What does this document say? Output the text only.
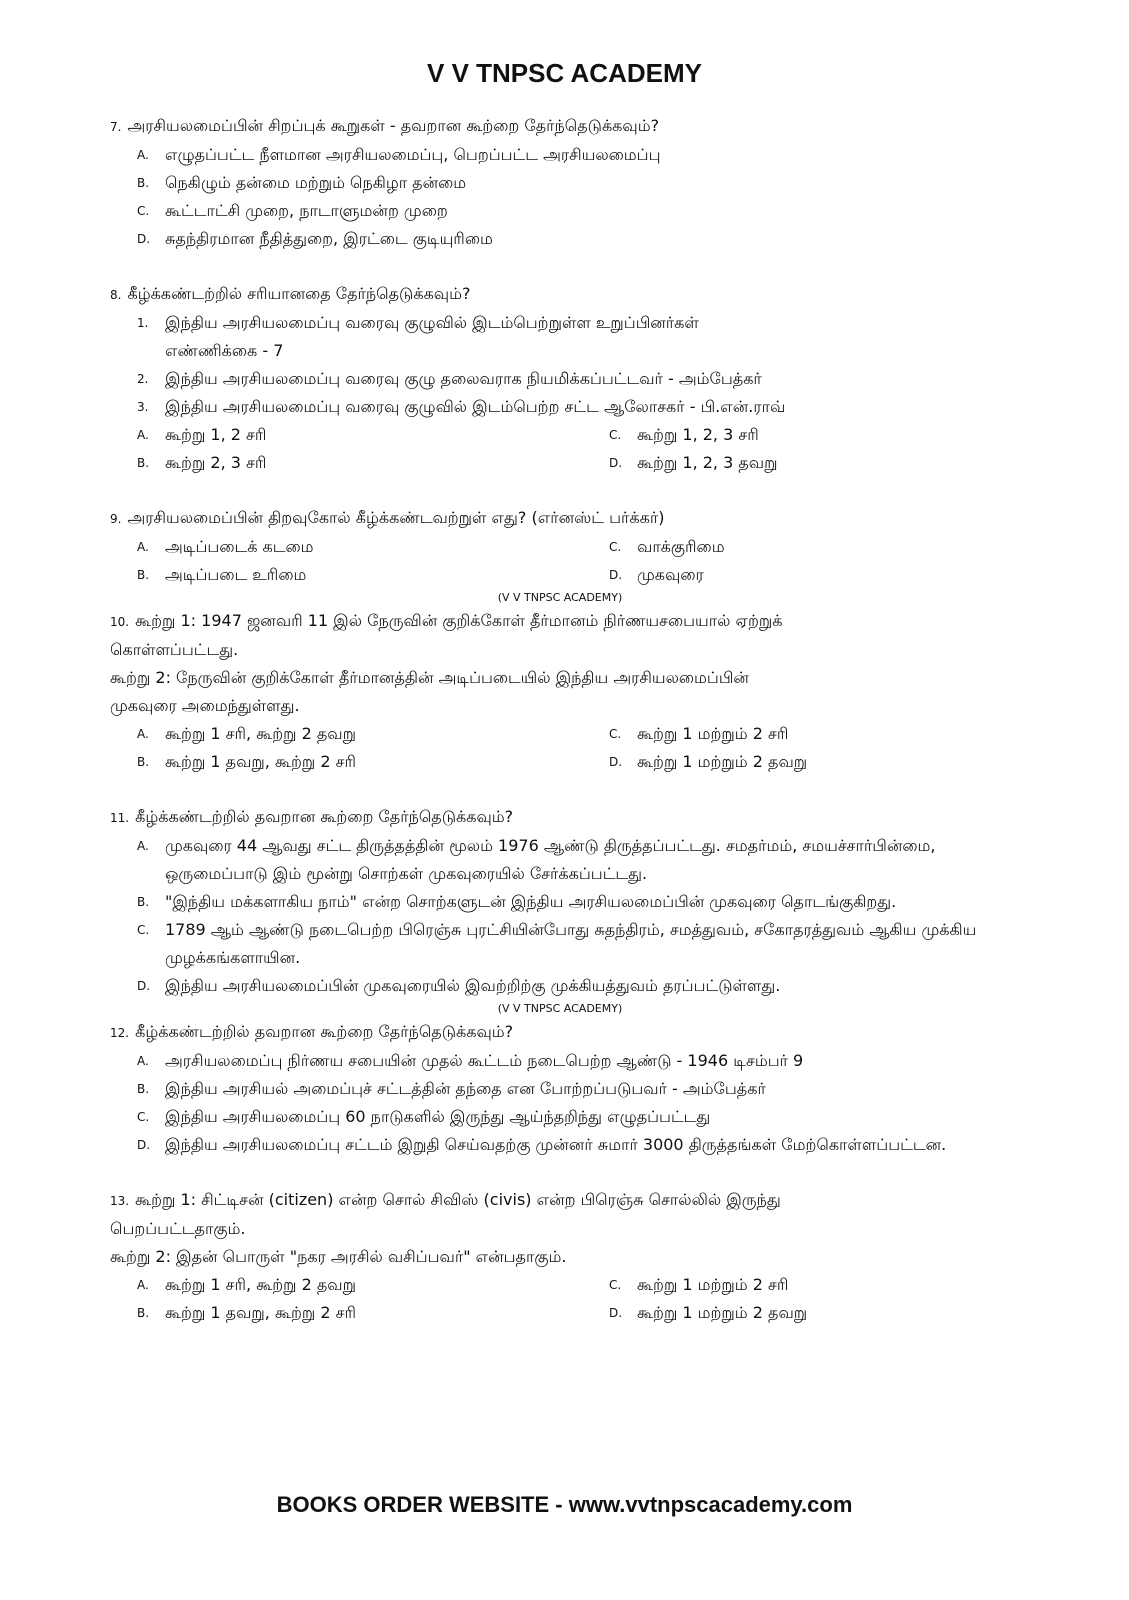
V V TNPSC ACADEMY
7. அரசியலமைப்பின் சிறப்புக் கூறுகள் - தவறான கூற்றை தேர்ந்தெடுக்கவும்?
A.	எழுதப்பட்ட நீளமான அரசியலமைப்பு, பெறப்பட்ட அரசியலமைப்பு
B. நெகிழும் தன்மை மற்றும் நெகிழா தன்மை
C. கூட்டாட்சி முறை, நாடாளுமன்ற முறை
D. சுதந்திரமான நீதித்துறை, இரட்டை குடியுரிமை
8. கீழ்க்கண்டற்றில் சரியானதை தேர்ந்தெடுக்கவும்?
1.	இந்திய அரசியலமைப்பு வரைவு குழுவில் இடம்பெற்றுள்ள உறுப்பினர்கள் எண்ணிக்கை - 7
2.	இந்திய அரசியலமைப்பு வரைவு குழு தலைவராக நியமிக்கப்பட்டவர் - அம்பேத்கர்
3.	இந்திய அரசியலமைப்பு வரைவு குழுவில் இடம்பெற்ற சட்ட ஆலோசகர் - பி.என்.ராவ்
A.	கூற்று 1, 2 சரி	C. கூற்று 1, 2, 3 சரி
B. கூற்று 2, 3 சரி	D. கூற்று 1, 2, 3 தவறு
9. அரசியலமைப்பின் திறவுகோல் கீழ்க்கண்டவற்றுள் எது? (எர்னஸ்ட் பர்க்கர்)
A.	அடிப்படைக் கடமை	C. வாக்குரிமை
B. அடிப்படை உரிமை	D. முகவுரை
(V V TNPSC ACADEMY)
10. கூற்று 1: 1947 ஜனவரி 11 இல் நேருவின் குறிக்கோள் தீர்மானம் நிர்ணயசபையால் ஏற்றுக்
கொள்ளப்பட்டது.
கூற்று 2: நேருவின் குறிக்கோள் தீர்மானத்தின் அடிப்படையில் இந்திய அரசியலமைப்பின்
முகவுரை அமைந்துள்ளது.
A.	கூற்று 1 சரி, கூற்று 2 தவறு	C. கூற்று 1 மற்றும் 2 சரி
B. கூற்று 1 தவறு, கூற்று 2 சரி	D. கூற்று 1 மற்றும் 2 தவறு
11. கீழ்க்கண்டற்றில் தவறான கூற்றை தேர்ந்தெடுக்கவும்?
A.	முகவுரை 44 ஆவது சட்ட திருத்தத்தின் மூலம் 1976 ஆண்டு திருத்தப்பட்டது. சமதர்மம், சமயச்சார்பின்மை, ஒருமைப்பாடு இம் மூன்று சொற்கள் முகவுரையில் சேர்க்கப்பட்டது.
B. "இந்திய மக்களாகிய நாம்" என்ற சொற்களுடன் இந்திய அரசியலமைப்பின் முகவுரை தொடங்குகிறது.
C. 1789 ஆம் ஆண்டு நடைபெற்ற பிரெஞ்சு புரட்சியின்போது சுதந்திரம், சமத்துவம், சகோதரத்துவம் ஆகிய முக்கிய முழக்கங்களாயின.
D. இந்திய அரசியலமைப்பின் முகவுரையில் இவற்றிற்கு முக்கியத்துவம் தரப்பட்டுள்ளது.
(V V TNPSC ACADEMY)
12. கீழ்க்கண்டற்றில் தவறான கூற்றை தேர்ந்தெடுக்கவும்?
A.	அரசியலமைப்பு நிர்ணய சபையின் முதல் கூட்டம் நடைபெற்ற ஆண்டு - 1946 டிசம்பர் 9
B. இந்திய அரசியல் அமைப்புச் சட்டத்தின் தந்தை என போற்றப்படுபவர் - அம்பேத்கர்
C. இந்திய அரசியலமைப்பு 60 நாடுகளில் இருந்து ஆய்ந்தறிந்து எழுதப்பட்டது
D. இந்திய அரசியலமைப்பு சட்டம் இறுதி செய்வதற்கு முன்னர் சுமார் 3000 திருத்தங்கள் மேற்கொள்ளப்பட்டன.
13. கூற்று 1: சிட்டிசன் (citizen) என்ற சொல் சிவிஸ் (civis) என்ற பிரெஞ்சு சொல்லில் இருந்து
பெறப்பட்டதாகும்.
கூற்று 2: இதன் பொருள் "நகர அரசில் வசிப்பவர்" என்பதாகும்.
A.	கூற்று 1 சரி, கூற்று 2 தவறு	C. கூற்று 1 மற்றும் 2 சரி
B. கூற்று 1 தவறு, கூற்று 2 சரி	D. கூற்று 1 மற்றும் 2 தவறு
BOOKS ORDER WEBSITE - www.vvtnpscacademy.com
